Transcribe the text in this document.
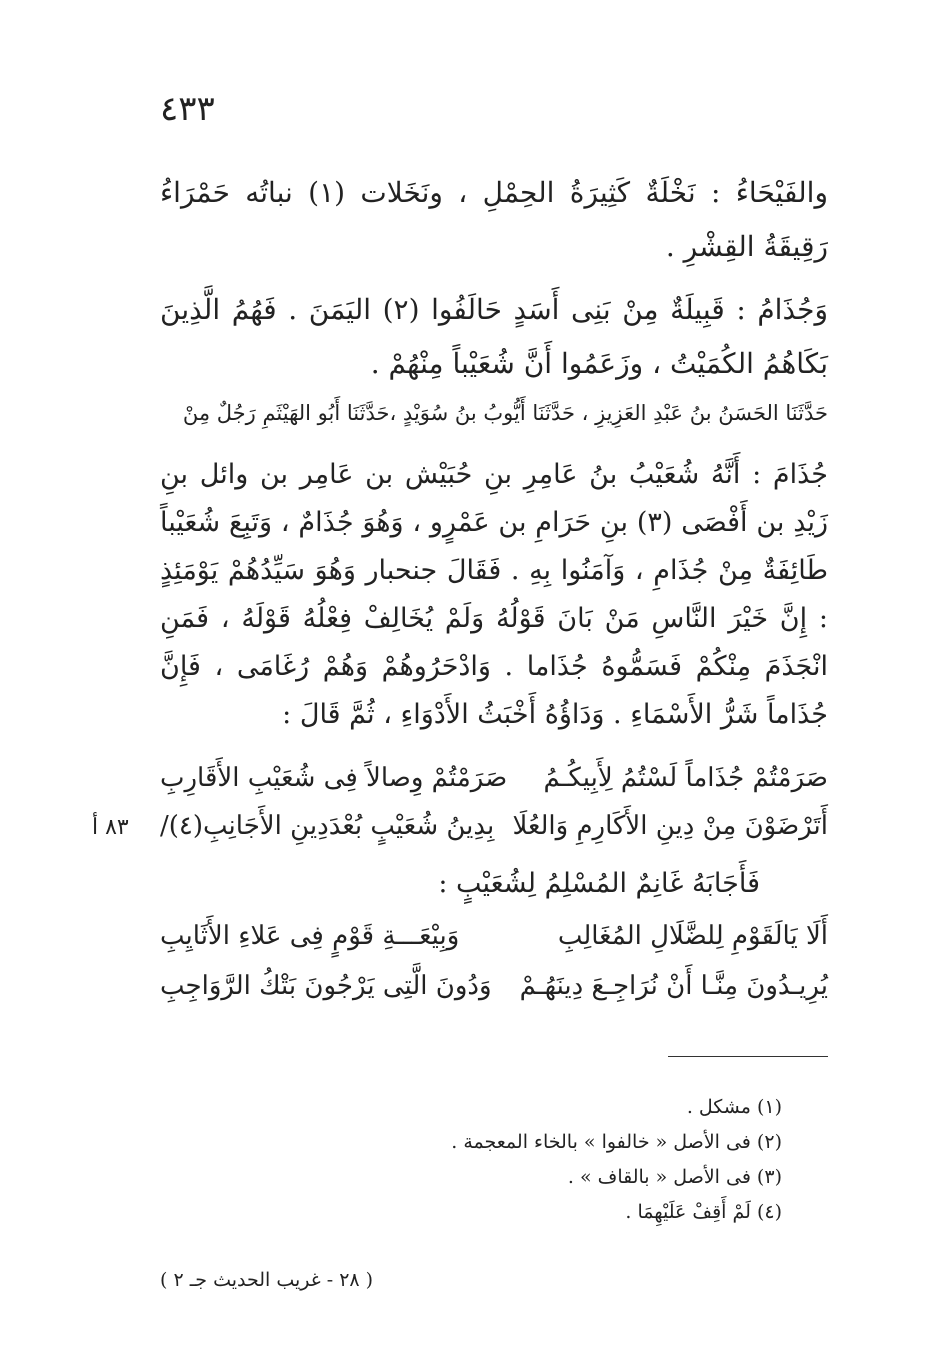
٤٣٣

والفَيْحَاءُ : نَخْلَةٌ كَثِيرَةُ الحِمْلِ ، ونَخَلات (١) نباتُه حَمْرَاءُ رَقِيقَةُ القِشْرِ .

وَجُذَامُ : قَبِيلَةٌ مِنْ بَنِى أَسَدٍ حَالَفُوا (٢) اليَمَنَ . فَهُمُ الَّذِينَ بَكَاهُمُ الكُمَيْتُ ، وزَعَمُوا أَنَّ شُعَيْباً مِنْهُمْ .

حَدَّثَنَا الحَسَنُ بنُ عَبْدِ العَزِيزِ ، حَدَّثَنَا أَيُّوبُ بنُ سُوَيْدٍ ،حَدَّثَنَا أَبُو الهَيْثَمِ رَجُلٌ مِنْ

جُذَامَ : أَنَّهُ شُعَيْبُ بنُ عَامِرِ بنِ حُبَيْش بن عَامِر بن وائل بنِ زَيْدِ بن أَفْصَى (٣) بنِ حَرَامِ بن عَمْرٍو ، وَهُوَ جُذَامٌ ، وَتَبِعَ شُعَيْباً طَائِفَةٌ مِنْ جُذَامِ ، وَآمَنُوا بِهِ . فَقَالَ جنحبار وَهُوَ سَيِّدُهُمْ يَوْمَئِذٍ : إِنَّ خَيْرَ النَّاسِ مَنْ بَانَ قَوْلُهُ وَلَمْ يُخَالِفْ فِعْلُهُ قَوْلَهُ ، فَمَنِ انْجَذَمَ مِنْكُمْ فَسَمُّوهُ جُذَاما . وَادْحَرُوهُمْ وَهُمْ رُغَامَى ، فَإِنَّ جُذَاماً شَرُّ الأَسْمَاءِ . وَدَاؤُهُ أَخْبَثُ الأَدْوَاءِ ، ثُمَّ قَالَ :

صَرَمْتُمْ جُذَاماً لَسْتُمُ لِأَبِيكُـمُ
صَرَمْتُمْ وِصالاً فِى شُعَيْبِ الأَقَارِبِ
أَتَرْضَوْنَ مِنْ دِينِ الأَكَارِمِ وَالعُلَا
بِدِينُ شُعَيْبٍ بُعْدَدِينِ الأَجَانِبِ(٤)/
٨٣ أ
فَأَجَابَهُ غَانِمٌ المُسْلِمُ لِشُعَيْبٍ :
أَلَا يَالَقَوْمِ لِلضَّلَالِ المُغَالِبِ
وَبِيْعَـــةِ قَوْمٍ فِى عَلاءِ الأَثَايِبِ
يُرِيـدُونَ مِنَّـا أَنْ نُرَاجِـعَ دِينَهُـمْ
وَدُونَ الَّتِى يَرْجُونَ بَتْكُ الرَّوَاجِبِ
(١) مشكل .
(٢) فى الأصل « خالفوا » بالخاء المعجمة .
(٣) فى الأصل « بالقاف » .
(٤) لَمْ أَقِفْ عَلَيْهِمَا .
( ٢٨ - غريب الحديث جـ ٢ )
